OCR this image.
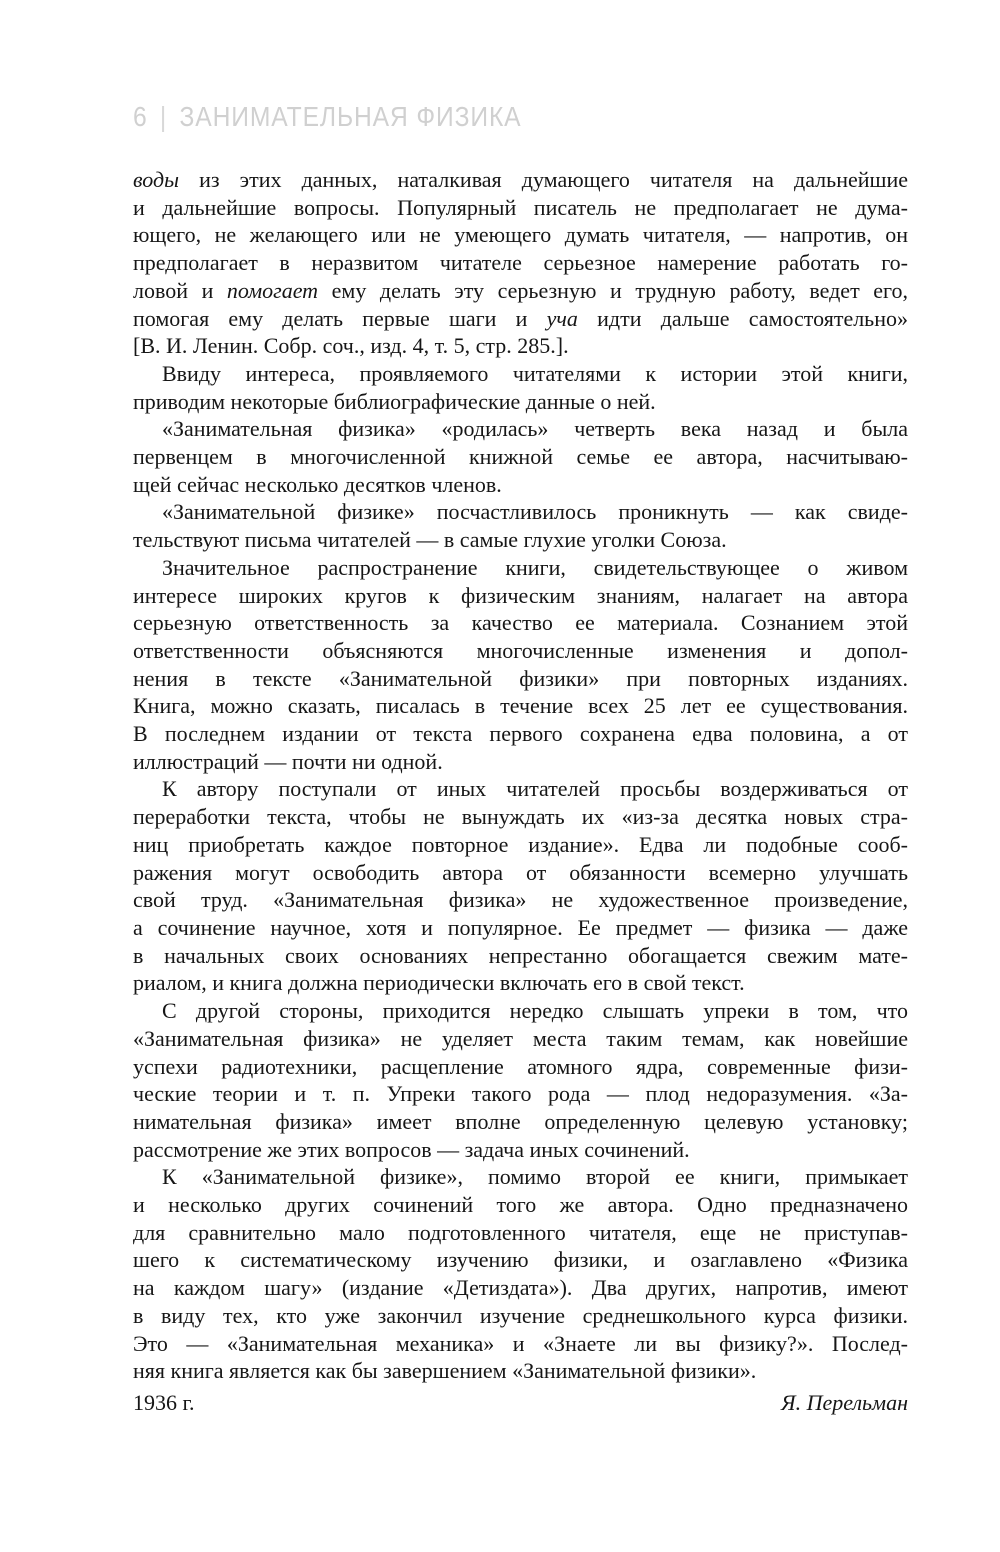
6 | ЗАНИМАТЕЛЬНАЯ ФИЗИКА
воды из этих данных, наталкивая думающего читателя на дальнейшие
и дальнейшие вопросы. Популярный писатель не предполагает не дума-
ющего, не желающего или не умеющего думать читателя, — напротив, он
предполагает в неразвитом читателе серьезное намерение работать го-
ловой и помогает ему делать эту серьезную и трудную работу, ведет его,
помогая ему делать первые шаги и уча идти дальше самостоятельно»
[В. И. Ленин. Собр. соч., изд. 4, т. 5, стр. 285.].
Ввиду интереса, проявляемого читателями к истории этой книги,
приводим некоторые библиографические данные о ней.
«Занимательная физика» «родилась» четверть века назад и была
первенцем в многочисленной книжной семье ее автора, насчитываю-
щей сейчас несколько десятков членов.
«Занимательной физике» посчастливилось проникнуть — как свиде-
тельствуют письма читателей — в самые глухие уголки Союза.
Значительное распространение книги, свидетельствующее о живом
интересе широких кругов к физическим знаниям, налагает на автора
серьезную ответственность за качество ее материала. Сознанием этой
ответственности объясняются многочисленные изменения и допол-
нения в тексте «Занимательной физики» при повторных изданиях.
Книга, можно сказать, писалась в течение всех 25 лет ее существования.
В последнем издании от текста первого сохранена едва половина, а от
иллюстраций — почти ни одной.
К автору поступали от иных читателей просьбы воздерживаться от
переработки текста, чтобы не вынуждать их «из-за десятка новых стра-
ниц приобретать каждое повторное издание». Едва ли подобные сооб-
ражения могут освободить автора от обязанности всемерно улучшать
свой труд. «Занимательная физика» не художественное произведение,
а сочинение научное, хотя и популярное. Ее предмет — физика — даже
в начальных своих основаниях непрестанно обогащается свежим мате-
риалом, и книга должна периодически включать его в свой текст.
С другой стороны, приходится нередко слышать упреки в том, что
«Занимательная физика» не уделяет места таким темам, как новейшие
успехи радиотехники, расщепление атомного ядра, современные физи-
ческие теории и т. п. Упреки такого рода — плод недоразумения. «За-
нимательная физика» имеет вполне определенную целевую установку;
рассмотрение же этих вопросов — задача иных сочинений.
К «Занимательной физике», помимо второй ее книги, примыкает
и несколько других сочинений того же автора. Одно предназначено
для сравнительно мало подготовленного читателя, еще не приступав-
шего к систематическому изучению физики, и озаглавлено «Физика
на каждом шагу» (издание «Детиздата»). Два других, напротив, имеют
в виду тех, кто уже закончил изучение среднешкольного курса физики.
Это — «Занимательная механика» и «Знаете ли вы физику?». Послед-
няя книга является как бы завершением «Занимательной физики».
1936 г.	Я. Перельман
